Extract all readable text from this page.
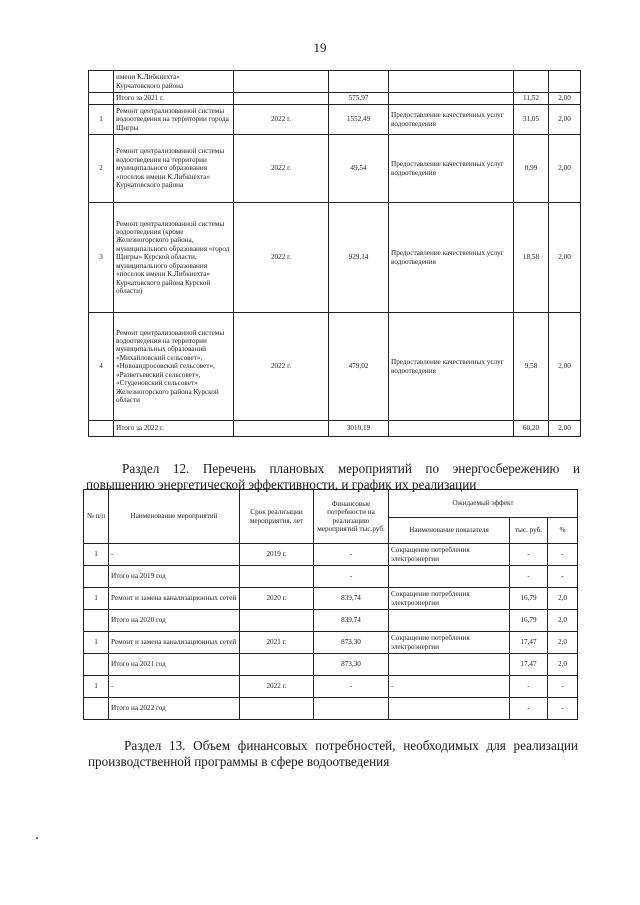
19
	имени К.Либкнехта»
Курчатовского района					
	Итого за 2021 г.		575,97		11,52	2,00
1	Ремонт централизованной системы водоотведения на территории города Щигры	2022 г.	1552,49	Предоставление качественных услуг водоотведения	31,05	2,00
2	Ремонт централизованной системы водоотведения на территории муниципального образования «поселок имени К.Либкнехта» Курчатовского района	2022 г.	49,54	Предоставление качественных услуг водоотведения	0,99	2,00
3	Ремонт централизованной системы водоотведения (кроме Железногорского района, муниципального образования «город Щигры» Курской области, муниципального образования «поселок имени К.Либкнехта» Курчатовского района Курской области)	2022 г.	929,14	Предоставление качественных услуг водоотведения	18,58	2,00
4	Ремонт централизованной системы водоотведения на территории муниципальных образований «Михайловский сельсовет», «Новоандросовский сельсовет», «Разветьевский сельсовет», «Студеновский сельсовет» Железногорского района Курской области	2022 г.	479,02	Предоставление качественных услуг водоотведения	9,58	2,00
	Итого за 2022 г.		3010,19		60,20	2,00
Раздел 12. Перечень плановых мероприятий по энергосбережению и повышению энергетической эффективности, и график их реализации
№ п/п	Наименование мероприятий	Срок реализации мероприятия, лет	Финансовые потребности на реализацию мероприятий тыс.руб.	Ожидаемый эффект		
				Наименование показателя	тыс. руб.	%
1	-	2019 г.	-	Сокращение потребления электроэнергии	-	-
	Итого на 2019 год		-		-	-
1	Ремонт и замена канализационных сетей	2020 г.	839,74	Сокращение потребления электроэнергии	16,79	2,0
	Итого на 2020 год		839,74		16,79	2,0
1	Ремонт и замена канализационных сетей	2021 г.	873,30	Сокращение потребления электроэнергии	17,47	2,0
	Итого на 2021 год		873,30		17,47	2,0
1	-	2022 г.	-	-	-	-
	Итого на 2022 год				-	-
Раздел 13. Объем финансовых потребностей, необходимых для реализации производственной программы в сфере водоотведения
